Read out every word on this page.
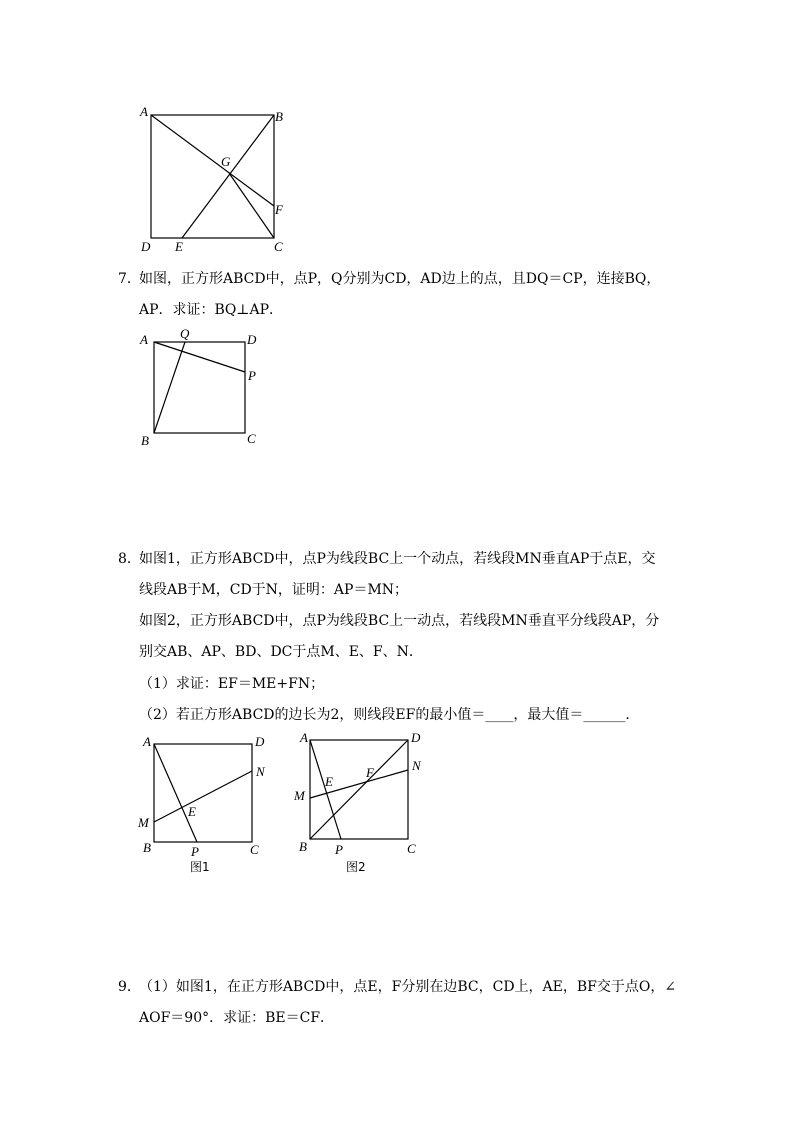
A	B
G
F
D E	C
7．
如图，正方形ABCD中，点P，Q分别为CD，AD边上的点，且DQ＝CP，连接BQ，
AP．求证：BQ⊥AP．
A Q	D
P
B	C
8．
如图1，正方形ABCD中，点P为线段BC上一个动点，若线段MN垂直AP于点E，交
线段AB于M，CD于N，证明：AP＝MN；
如图2，正方形ABCD中，点P为线段BC上一动点，若线段MN垂直平分线段AP，分
别交AB、AP、BD、DC于点M、E、F、N．
（1）求证：EF＝ME+FN；
（2）若正方形ABCD的边长为2，则线段EF的最小值＝____，最大值＝______．
A	D
N
E
M
B	P	C
图1
A	D
N
F
E
M
B P	C
图2
9．
（1）如图1，在正方形ABCD中，点E，F分别在边BC，CD上，AE，BF交于点O，∠
AOF＝90°．求证：BE＝CF．
